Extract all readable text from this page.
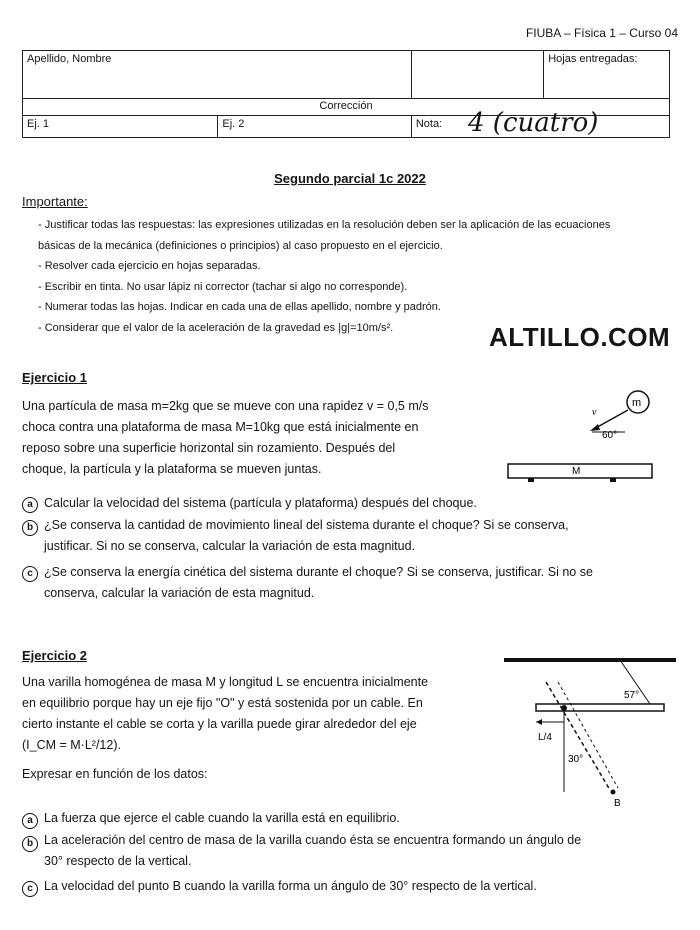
FIUBA – Física 1 – Curso 04
Apellido, Nombre			Hojas entregadas:
Corrección			
Ej. 1	Ej. 2	Nota:	4 (cuatro)
Segundo parcial 1c 2022
Importante:
- Justificar todas las respuestas: las expresiones utilizadas en la resolución deben ser la aplicación de las ecuaciones
básicas de la mecánica (definiciones o principios) al caso propuesto en el ejercicio.
- Resolver cada ejercicio en hojas separadas.
- Escribir en tinta. No usar lápiz ni corrector (tachar si algo no corresponde).
- Numerar todas las hojas. Indicar en cada una de ellas apellido, nombre y padrón.
- Considerar que el valor de la aceleración de la gravedad es |g|=10m/s².	ALTILLO.COM
Ejercicio 1
Una partícula de masa m=2kg que se mueve con una rapidez v = 0,5 m/s
choca contra una plataforma de masa M=10kg que está inicialmente en
reposo sobre una superficie horizontal sin rozamiento. Después del
choque, la partícula y la plataforma se mueven juntas.
m
v
60°
M
a Calcular la velocidad del sistema (partícula y plataforma) después del choque.
b ¿Se conserva la cantidad de movimiento lineal del sistema durante el choque? Si se conserva,
justificar. Si no se conserva, calcular la variación de esta magnitud.
c ¿Se conserva la energía cinética del sistema durante el choque? Si se conserva, justificar. Si no se
conserva, calcular la variación de esta magnitud.
Ejercicio 2
Una varilla homogénea de masa M y longitud L se encuentra inicialmente
en equilibrio porque hay un eje fijo "O" y está sostenida por un cable. En
cierto instante el cable se corta y la varilla puede girar alrededor del eje
(I_CM = M·L²/12).
Expresar en función de los datos:
57°
L/4
30°
B
a La fuerza que ejerce el cable cuando la varilla está en equilibrio.
b La aceleración del centro de masa de la varilla cuando ésta se encuentra formando un ángulo de
30° respecto de la vertical.
c La velocidad del punto B cuando la varilla forma un ángulo de 30° respecto de la vertical.
